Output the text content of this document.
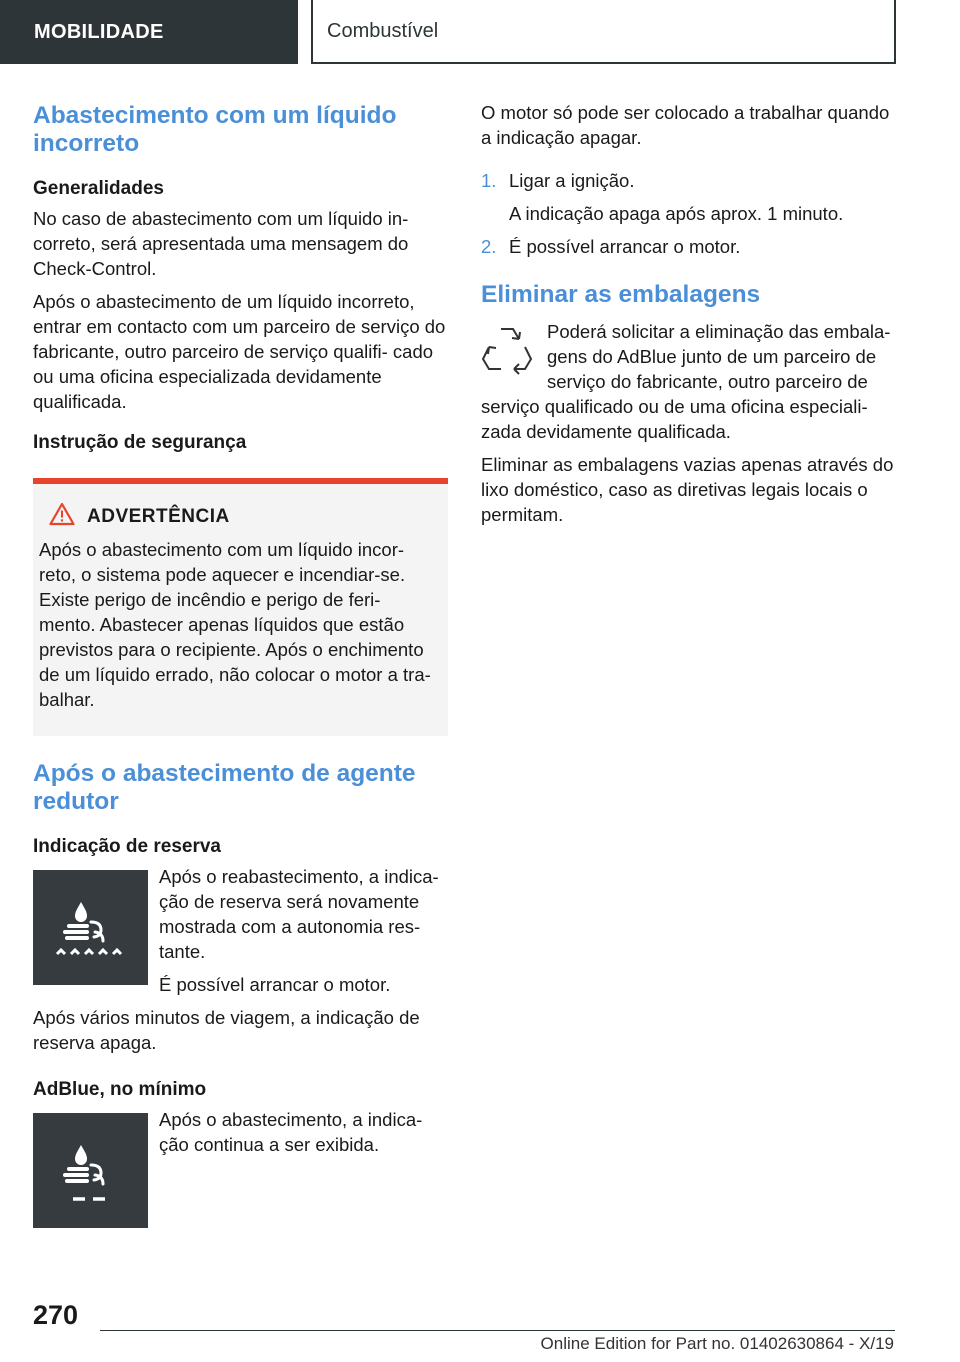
MOBILIDADE	Combustível
Abastecimento com um líquido incorreto
Generalidades

No caso de abastecimento com um líquido in- correto, será apresentada uma mensagem do Check-Control.

Após o abastecimento de um líquido incorreto, entrar em contacto com um parceiro de serviço do fabricante, outro parceiro de serviço qualifi- cado ou uma oficina especializada devidamente qualificada.

Instrução de segurança
ADVERTÊNCIA

Após o abastecimento com um líquido incor- reto, o sistema pode aquecer e incendiar-se. Existe perigo de incêndio e perigo de feri- mento. Abastecer apenas líquidos que estão previstos para o recipiente. Após o enchimento de um líquido errado, não colocar o motor a tra- balhar.

Após o abastecimento de agente redutor
Indicação de reserva

Após o reabastecimento, a indica- ção de reserva será novamente mostrada com a autonomia res- tante.

É possível arrancar o motor.

Após vários minutos de viagem, a indicação de reserva apaga.

AdBlue, no mínimo

Após o abastecimento, a indica- ção continua a ser exibida.

O motor só pode ser colocado a trabalhar quando a indicação apagar.

1. Ligar a ignição.
A indicação apaga após aprox. 1 minuto.
2. É possível arrancar o motor.
Eliminar as embalagens

Poderá solicitar a eliminação das embala- gens do AdBlue junto de um parceiro de serviço do fabricante, outro parceiro de serviço qualificado ou de uma oficina especiali- zada devidamente qualificada.

Eliminar as embalagens vazias apenas através do lixo doméstico, caso as diretivas legais locais o permitam.

270
Online Edition for Part no. 01402630864 - X/19
